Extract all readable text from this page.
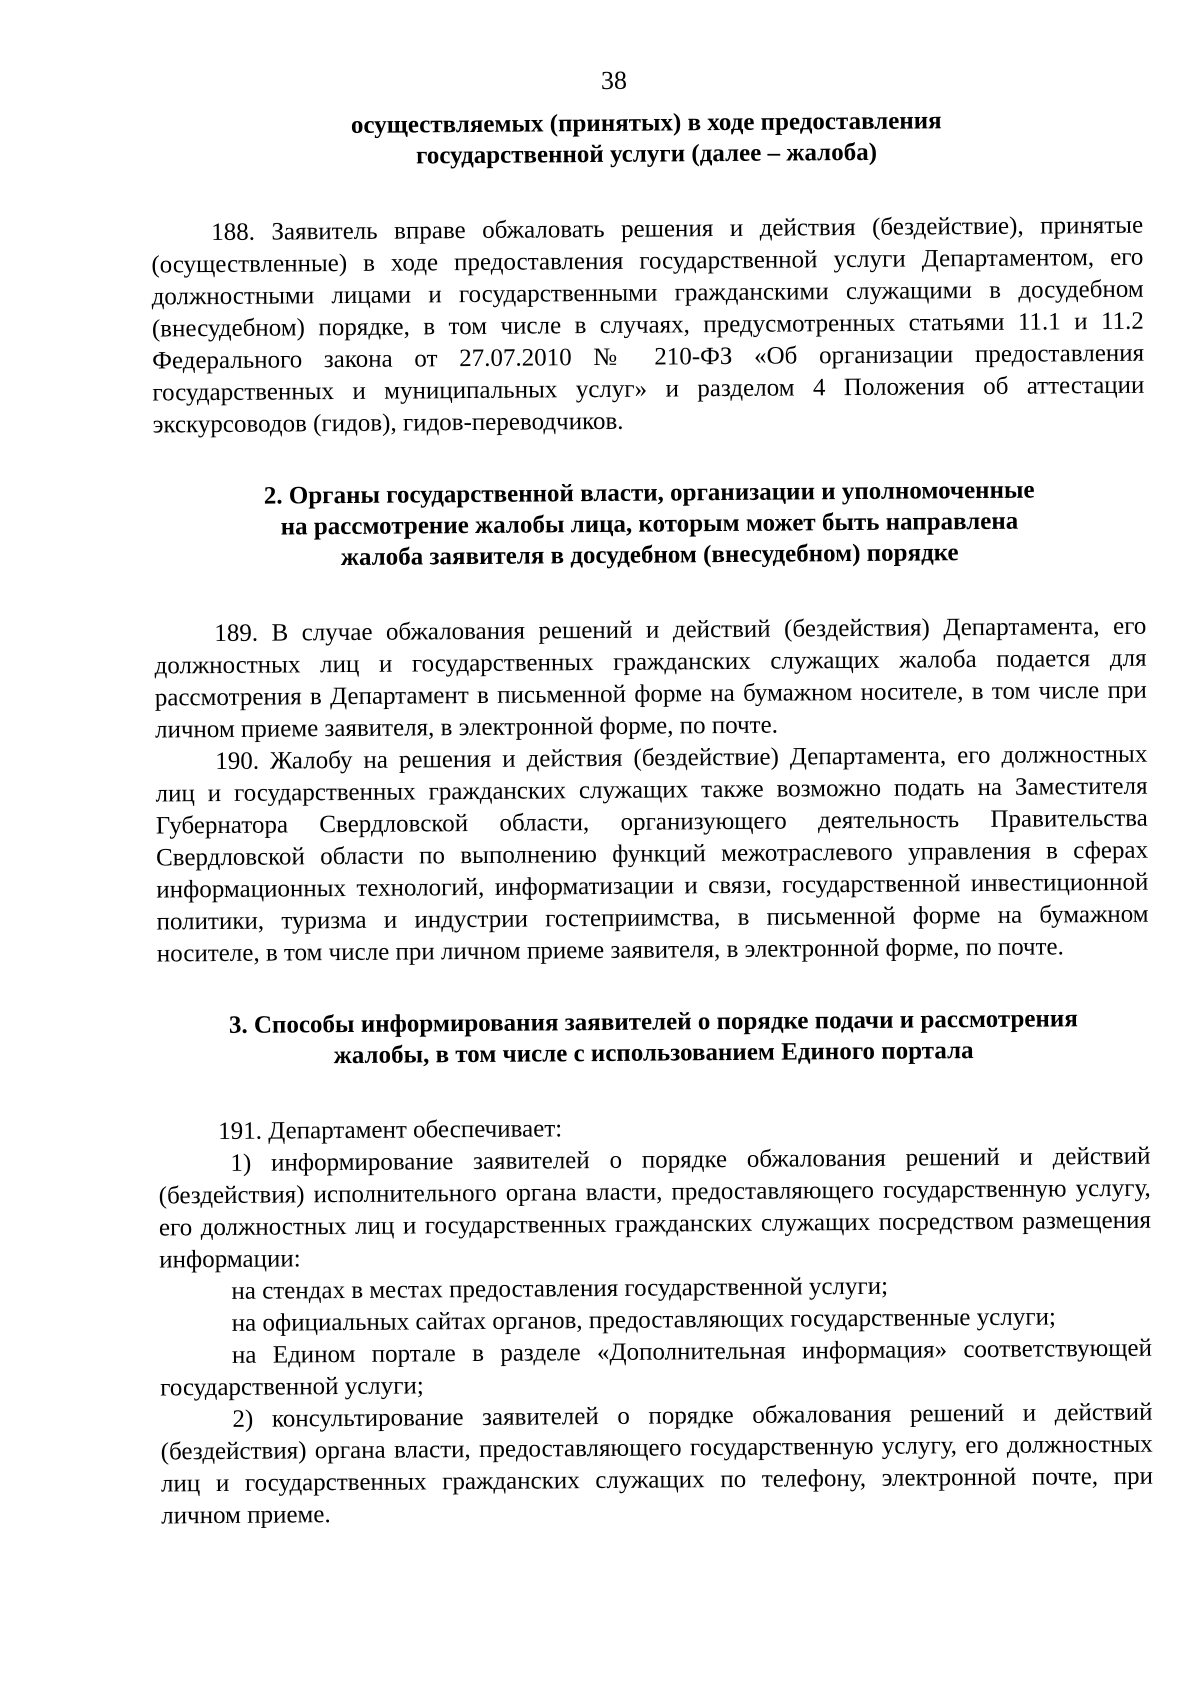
38
осуществляемых (принятых) в ходе предоставления
государственной услуги (далее – жалоба)

188. Заявитель вправе обжаловать решения и действия (бездействие), принятые (осуществленные) в ходе предоставления государственной услуги Департаментом, его должностными лицами и государственными гражданскими служащими в досудебном (внесудебном) порядке, в том числе в случаях, предусмотренных статьями 11.1 и 11.2 Федерального закона от 27.07.2010 № 210-ФЗ «Об организации предоставления государственных и муниципальных услуг» и разделом 4 Положения об аттестации экскурсоводов (гидов), гидов-переводчиков.

2. Органы государственной власти, организации и уполномоченные
на рассмотрение жалобы лица, которым может быть направлена
жалоба заявителя в досудебном (внесудебном) порядке

189. В случае обжалования решений и действий (бездействия) Департамента, его должностных лиц и государственных гражданских служащих жалоба подается для рассмотрения в Департамент в письменной форме на бумажном носителе, в том числе при личном приеме заявителя, в электронной форме, по почте.

190. Жалобу на решения и действия (бездействие) Департамента, его должностных лиц и государственных гражданских служащих также возможно подать на Заместителя Губернатора Свердловской области, организующего деятельность Правительства Свердловской области по выполнению функций межотраслевого управления в сферах информационных технологий, информатизации и связи, государственной инвестиционной политики, туризма и индустрии гостеприимства, в письменной форме на бумажном носителе, в том числе при личном приеме заявителя, в электронной форме, по почте.

3. Способы информирования заявителей о порядке подачи и рассмотрения
жалобы, в том числе с использованием Единого портала

191. Департамент обеспечивает:

1) информирование заявителей о порядке обжалования решений и действий (бездействия) исполнительного органа власти, предоставляющего государственную услугу, его должностных лиц и государственных гражданских служащих посредством размещения информации:

на стендах в местах предоставления государственной услуги;

на официальных сайтах органов, предоставляющих государственные услуги;

на Едином портале в разделе «Дополнительная информация» соответствующей государственной услуги;

2) консультирование заявителей о порядке обжалования решений и действий (бездействия) органа власти, предоставляющего государственную услугу, его должностных лиц и государственных гражданских служащих по телефону, электронной почте, при личном приеме.
